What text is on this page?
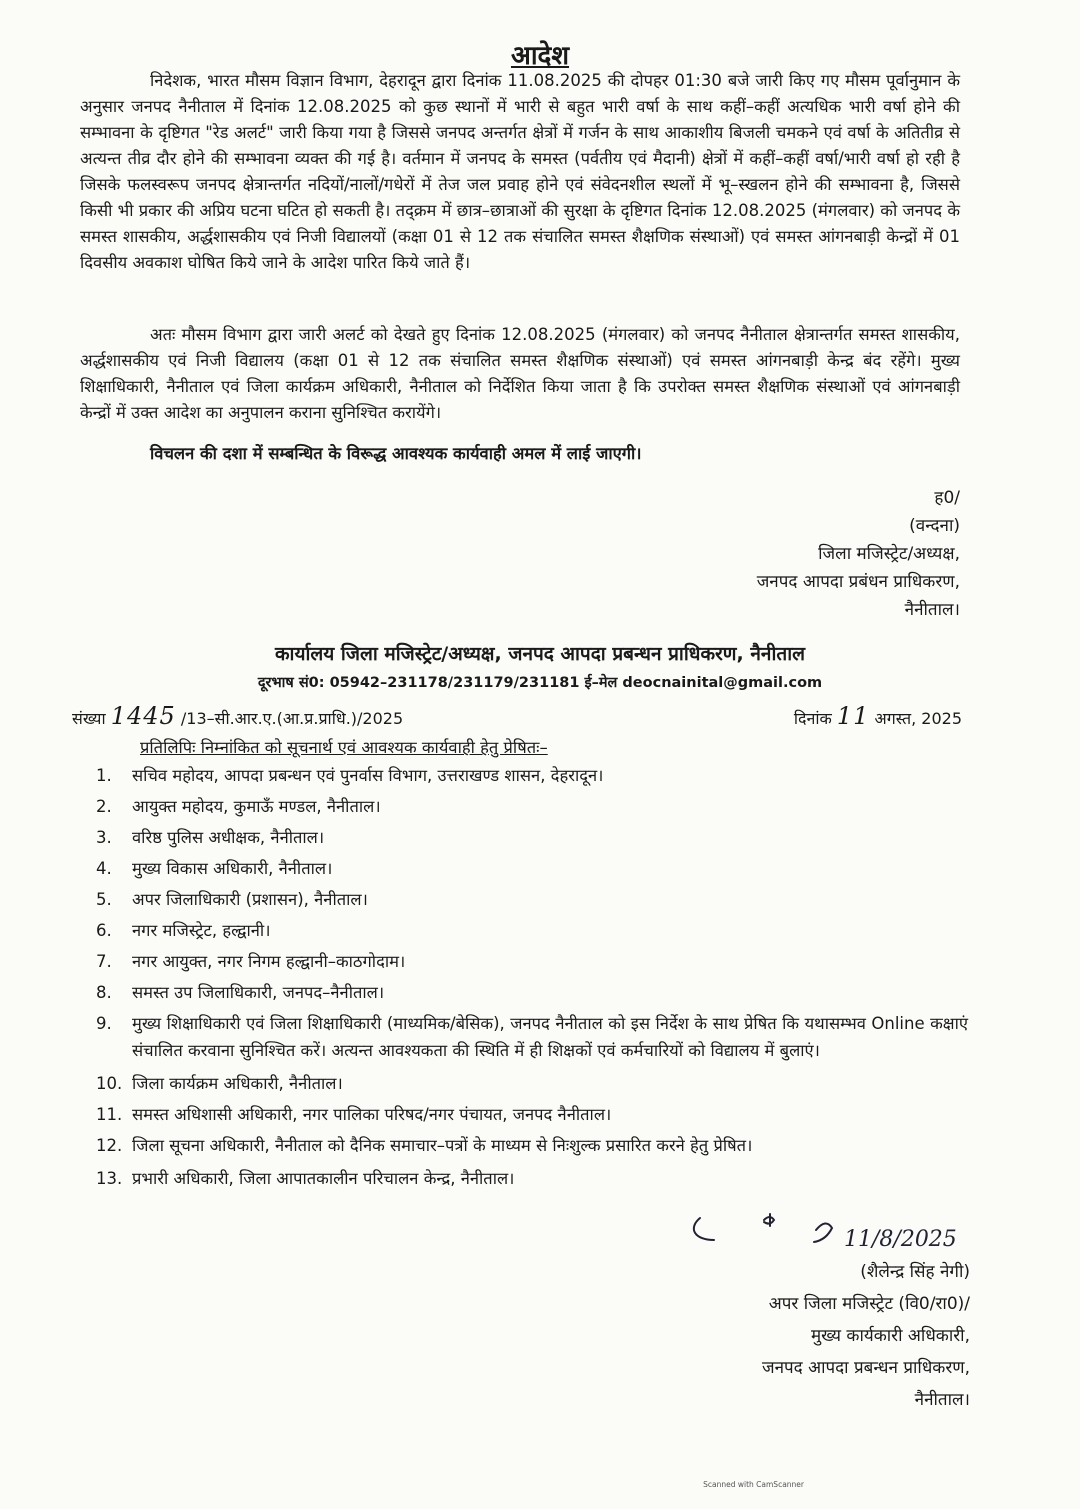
आदेश
निदेशक, भारत मौसम विज्ञान विभाग, देहरादून द्वारा दिनांक 11.08.2025 की दोपहर 01:30 बजे जारी किए गए मौसम पूर्वानुमान के अनुसार जनपद नैनीताल में दिनांक 12.08.2025 को कुछ स्थानों में भारी से बहुत भारी वर्षा के साथ कहीं–कहीं अत्यधिक भारी वर्षा होने की सम्भावना के दृष्टिगत "रेड अलर्ट" जारी किया गया है जिससे जनपद अन्तर्गत क्षेत्रों में गर्जन के साथ आकाशीय बिजली चमकने एवं वर्षा के अतितीव्र से अत्यन्त तीव्र दौर होने की सम्भावना व्यक्त की गई है। वर्तमान में जनपद के समस्त (पर्वतीय एवं मैदानी) क्षेत्रों में कहीं–कहीं वर्षा/भारी वर्षा हो रही है जिसके फलस्वरूप जनपद क्षेत्रान्तर्गत नदियों/नालों/गधेरों में तेज जल प्रवाह होने एवं संवेदनशील स्थलों में भू–स्खलन होने की सम्भावना है, जिससे किसी भी प्रकार की अप्रिय घटना घटित हो सकती है। तद्क्रम में छात्र–छात्राओं की सुरक्षा के दृष्टिगत दिनांक 12.08.2025 (मंगलवार) को जनपद के समस्त शासकीय, अर्द्धशासकीय एवं निजी विद्यालयों (कक्षा 01 से 12 तक संचालित समस्त शैक्षणिक संस्थाओं) एवं समस्त आंगनबाड़ी केन्द्रों में 01 दिवसीय अवकाश घोषित किये जाने के आदेश पारित किये जाते हैं।
अतः मौसम विभाग द्वारा जारी अलर्ट को देखते हुए दिनांक 12.08.2025 (मंगलवार) को जनपद नैनीताल क्षेत्रान्तर्गत समस्त शासकीय, अर्द्धशासकीय एवं निजी विद्यालय (कक्षा 01 से 12 तक संचालित समस्त शैक्षणिक संस्थाओं) एवं समस्त आंगनबाड़ी केन्द्र बंद रहेंगे। मुख्य शिक्षाधिकारी, नैनीताल एवं जिला कार्यक्रम अधिकारी, नैनीताल को निर्देशित किया जाता है कि उपरोक्त समस्त शैक्षणिक संस्थाओं एवं आंगनबाड़ी केन्द्रों में उक्त आदेश का अनुपालन कराना सुनिश्चित करायेंगे।
विचलन की दशा में सम्बन्धित के विरूद्ध आवश्यक कार्यवाही अमल में लाई जाएगी।
ह0/
(वन्दना)
जिला मजिस्ट्रेट/अध्यक्ष,
जनपद आपदा प्रबंधन प्राधिकरण,
नैनीताल।
कार्यालय जिला मजिस्ट्रेट/अध्यक्ष, जनपद आपदा प्रबन्धन प्राधिकरण, नैनीताल
दूरभाष सं0: 05942–231178/231179/231181 ई–मेल deocnainital@gmail.com
संख्या 1445 /13–सी.आर.ए.(आ.प्र.प्राधि.)/2025	दिनांक 11 अगस्त, 2025
प्रतिलिपिः निम्नांकित को सूचनार्थ एवं आवश्यक कार्यवाही हेतु प्रेषितः–
1.	सचिव महोदय, आपदा प्रबन्धन एवं पुनर्वास विभाग, उत्तराखण्ड शासन, देहरादून।
2.	आयुक्त महोदय, कुमाऊँ मण्डल, नैनीताल।
3.	वरिष्ठ पुलिस अधीक्षक, नैनीताल।
4.	मुख्य विकास अधिकारी, नैनीताल।
5.	अपर जिलाधिकारी (प्रशासन), नैनीताल।
6.	नगर मजिस्ट्रेट, हल्द्वानी।
7.	नगर आयुक्त, नगर निगम हल्द्वानी–काठगोदाम।
8.	समस्त उप जिलाधिकारी, जनपद–नैनीताल।
9.	मुख्य शिक्षाधिकारी एवं जिला शिक्षाधिकारी (माध्यमिक/बेसिक), जनपद नैनीताल को इस निर्देश के साथ प्रेषित कि यथासम्भव Online कक्षाएं संचालित करवाना सुनिश्चित करें। अत्यन्त आवश्यकता की स्थिति में ही शिक्षकों एवं कर्मचारियों को विद्यालय में बुलाएं।
10. जिला कार्यक्रम अधिकारी, नैनीताल।
11. समस्त अधिशासी अधिकारी, नगर पालिका परिषद/नगर पंचायत, जनपद नैनीताल।
12. जिला सूचना अधिकारी, नैनीताल को दैनिक समाचार–पत्रों के माध्यम से निःशुल्क प्रसारित करने हेतु प्रेषित।
13. प्रभारी अधिकारी, जिला आपातकालीन परिचालन केन्द्र, नैनीताल।
11/8/2025
(शैलेन्द्र सिंह नेगी)
अपर जिला मजिस्ट्रेट (वि0/रा0)/
मुख्य कार्यकारी अधिकारी,
जनपद आपदा प्रबन्धन प्राधिकरण,
नैनीताल।
Scanned with CamScanner
